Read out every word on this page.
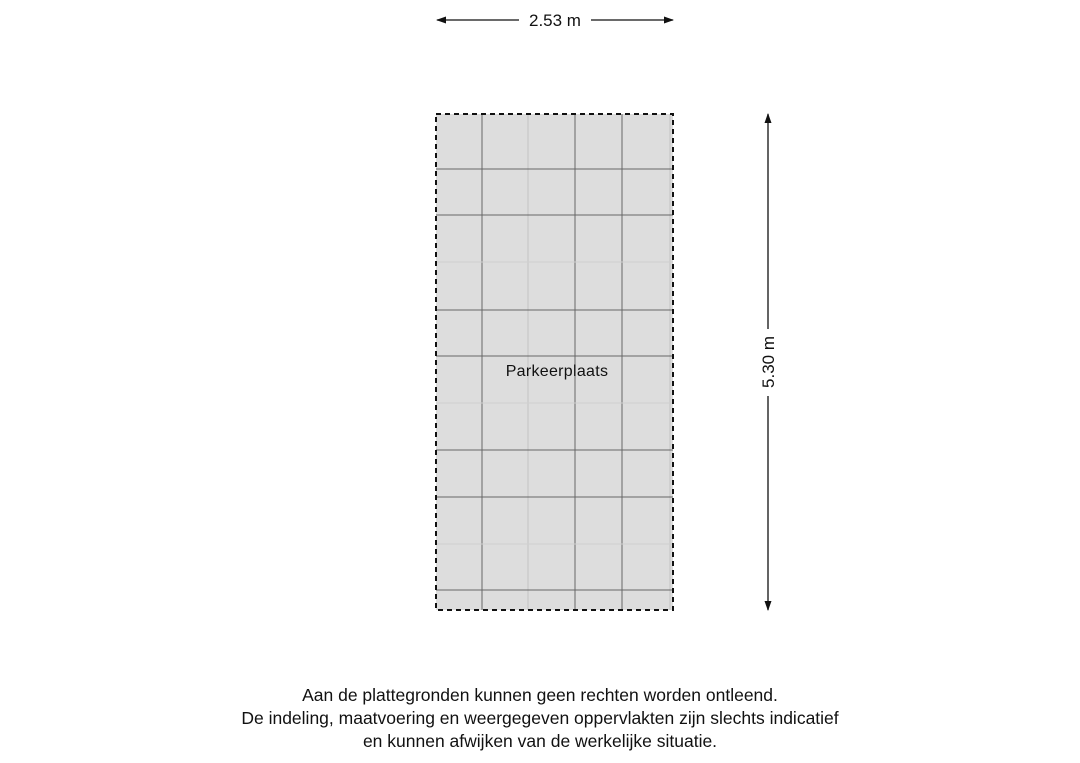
Parkeerplaats
2.53 m
5.30 m
Aan de plattegronden kunnen geen rechten worden ontleend.
De indeling, maatvoering en weergegeven oppervlakten zijn slechts indicatief
en kunnen afwijken van de werkelijke situatie.
